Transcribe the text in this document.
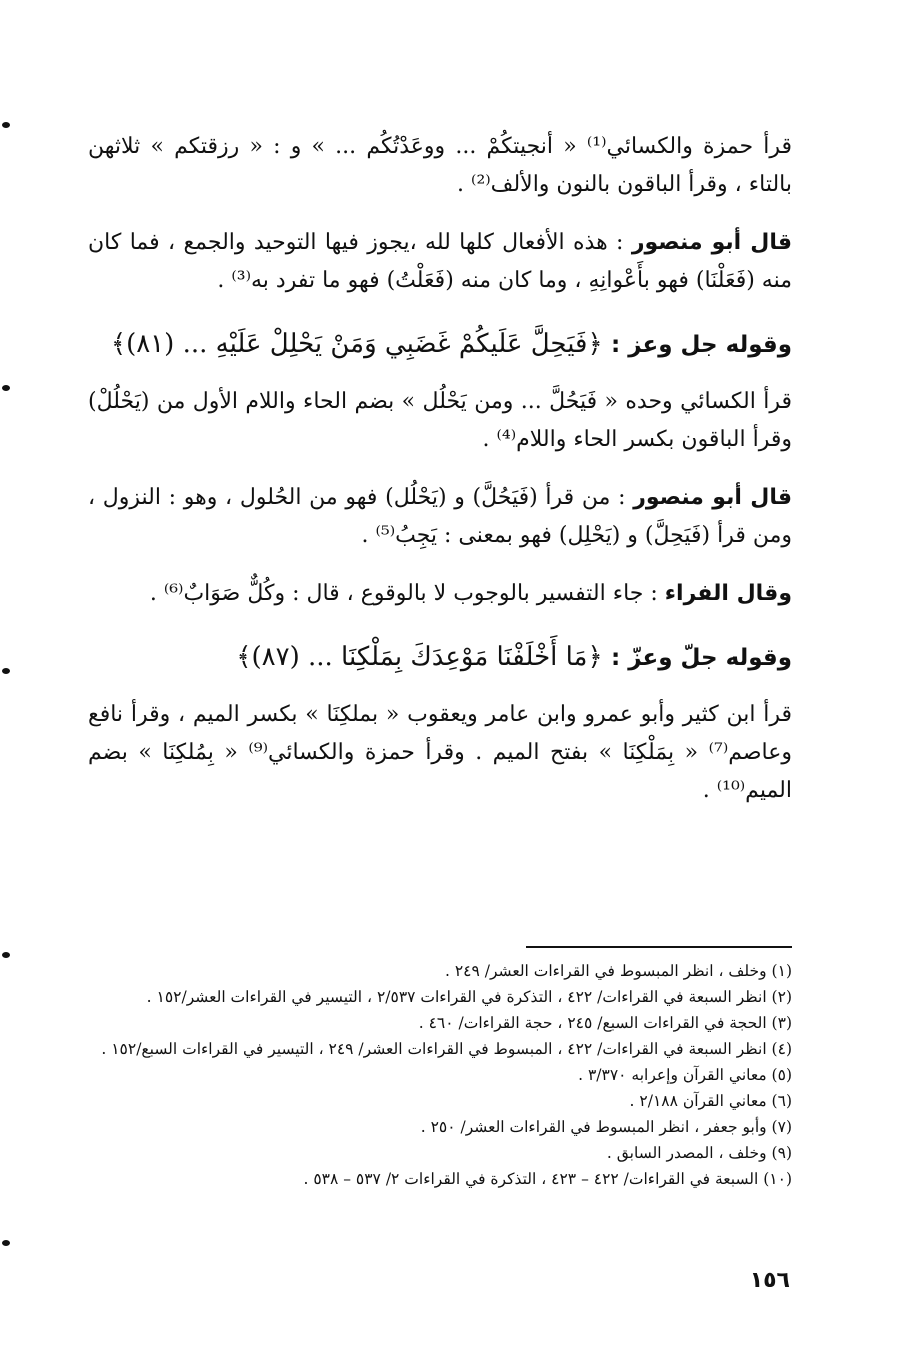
قرأ حمزة والكسائي⁽¹⁾ « أنجيتكُمْ ... ووعَدْتُكُم ... » و : « رزقتكم » ثلاثهن بالتاء ، وقرأ الباقون بالنون والألف⁽²⁾ .

قال أبو منصور : هذه الأفعال كلها لله ،يجوز فيها التوحيد والجمع ، فما كان منه (فَعَلْنَا) فهو بأَعْوانِهِ ، وما كان منه (فَعَلْتُ) فهو ما تفرد به⁽³⁾ .

وقوله جل وعز : ﴿فَيَحِلَّ عَلَيكُمْ غَضَبِي وَمَنْ يَحْلِلْ عَلَيْهِ ... (٨١)﴾

قرأ الكسائي وحده « فَيَحُلَّ ... ومن يَحْلُل » بضم الحاء واللام الأول من (يَحْلُلْ) وقرأ الباقون بكسر الحاء واللام⁽⁴⁾ .

قال أبو منصور : من قرأ (فَيَحُلَّ) و (يَحْلُل) فهو من الحُلول ، وهو : النزول ، ومن قرأ (فَيَحِلَّ) و (يَحْلِل) فهو بمعنى : يَجِبُ⁽⁵⁾ .

وقال الفراء : جاء التفسير بالوجوب لا بالوقوع ، قال : وكُلٌّ صَوَابٌ⁽⁶⁾ .

وقوله جلّ وعزّ : ﴿مَا أَخْلَفْنَا مَوْعِدَكَ بِمَلْكِنَا ... (٨٧)﴾

قرأ ابن كثير وأبو عمرو وابن عامر ويعقوب « بملكِنَا » بكسر الميم ، وقرأ نافع وعاصم⁽⁷⁾ « بِمَلْكِنَا » بفتح الميم . وقرأ حمزة والكسائي⁽⁹⁾ « بِمُلكِنَا » بضم الميم⁽¹⁰⁾ .

(١) وخلف ، انظر المبسوط في القراءات العشر/ ٢٤٩ .

(٢) انظر السبعة في القراءات/ ٤٢٢ ، التذكرة في القراءات ٢/٥٣٧ ، التيسير في القراءات العشر/١٥٢ .

(٣) الحجة في القراءات السبع/ ٢٤٥ ، حجة القراءات/ ٤٦٠ .

(٤) انظر السبعة في القراءات/ ٤٢٢ ، المبسوط في القراءات العشر/ ٢٤٩ ، التيسير في القراءات السبع/١٥٢ .

(٥) معاني القرآن وإعرابه ٣/٣٧٠ .

(٦) معاني القرآن ٢/١٨٨ .

(٧) وأبو جعفر ، انظر المبسوط في القراءات العشر/ ٢٥٠ .

(٩) وخلف ، المصدر السابق .

(١٠) السبعة في القراءات/ ٤٢٢ – ٤٢٣ ، التذكرة في القراءات ٢/ ٥٣٧ – ٥٣٨ .

١٥٦
